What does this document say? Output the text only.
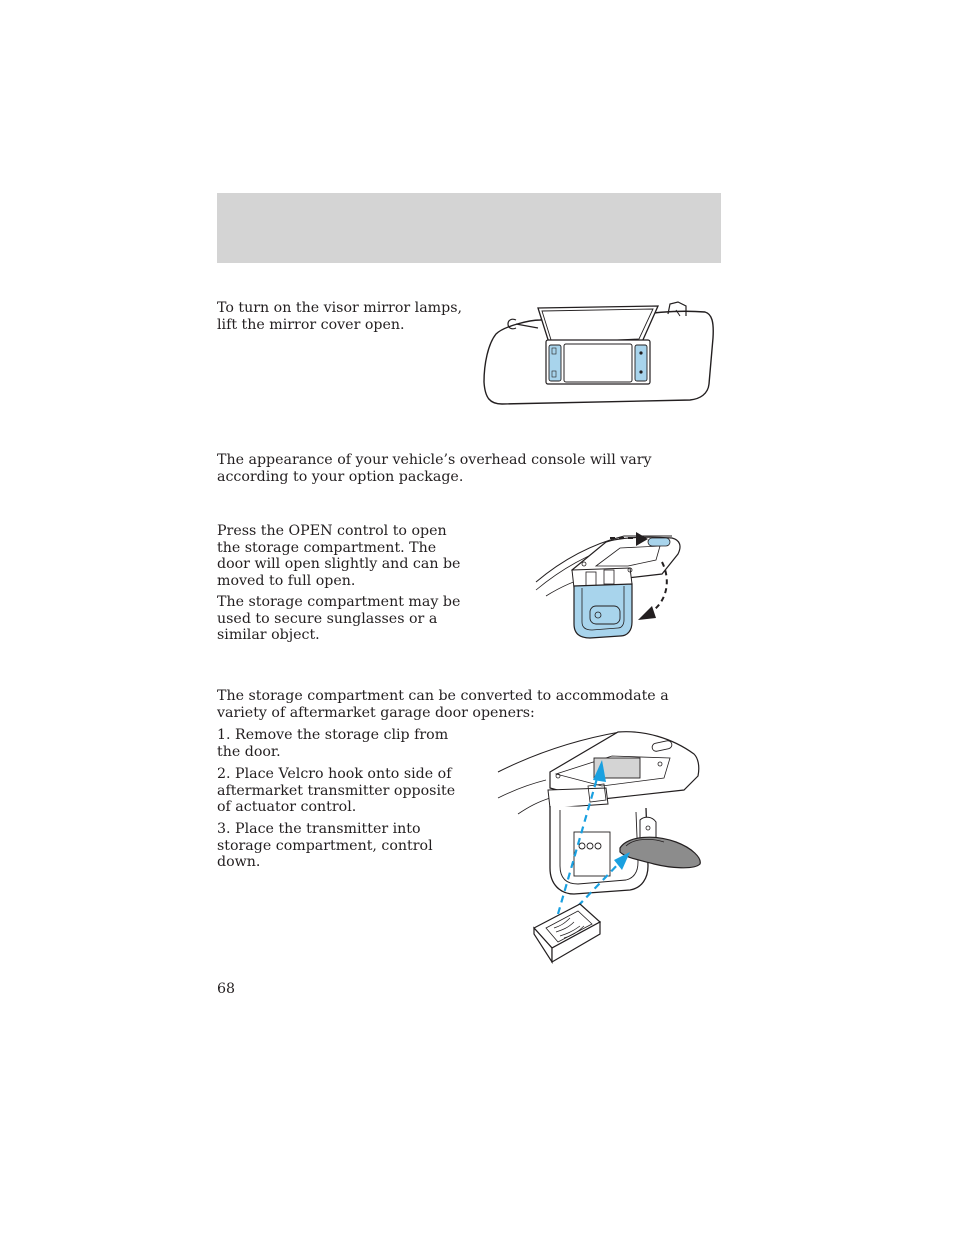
To turn on the visor mirror lamps, lift the mirror cover open.

The appearance of your vehicle’s overhead console will vary according to your option package.

Press the OPEN control to open the storage compartment. The door will open slightly and can be moved to full open.

The storage compartment may be used to secure sunglasses or a similar object.

The storage compartment can be converted to accommodate a variety of aftermarket garage door openers:

1. Remove the storage clip from the door.

2. Place Velcro hook onto side of aftermarket transmitter opposite of actuator control.

3. Place the transmitter into storage compartment, control down.

68
